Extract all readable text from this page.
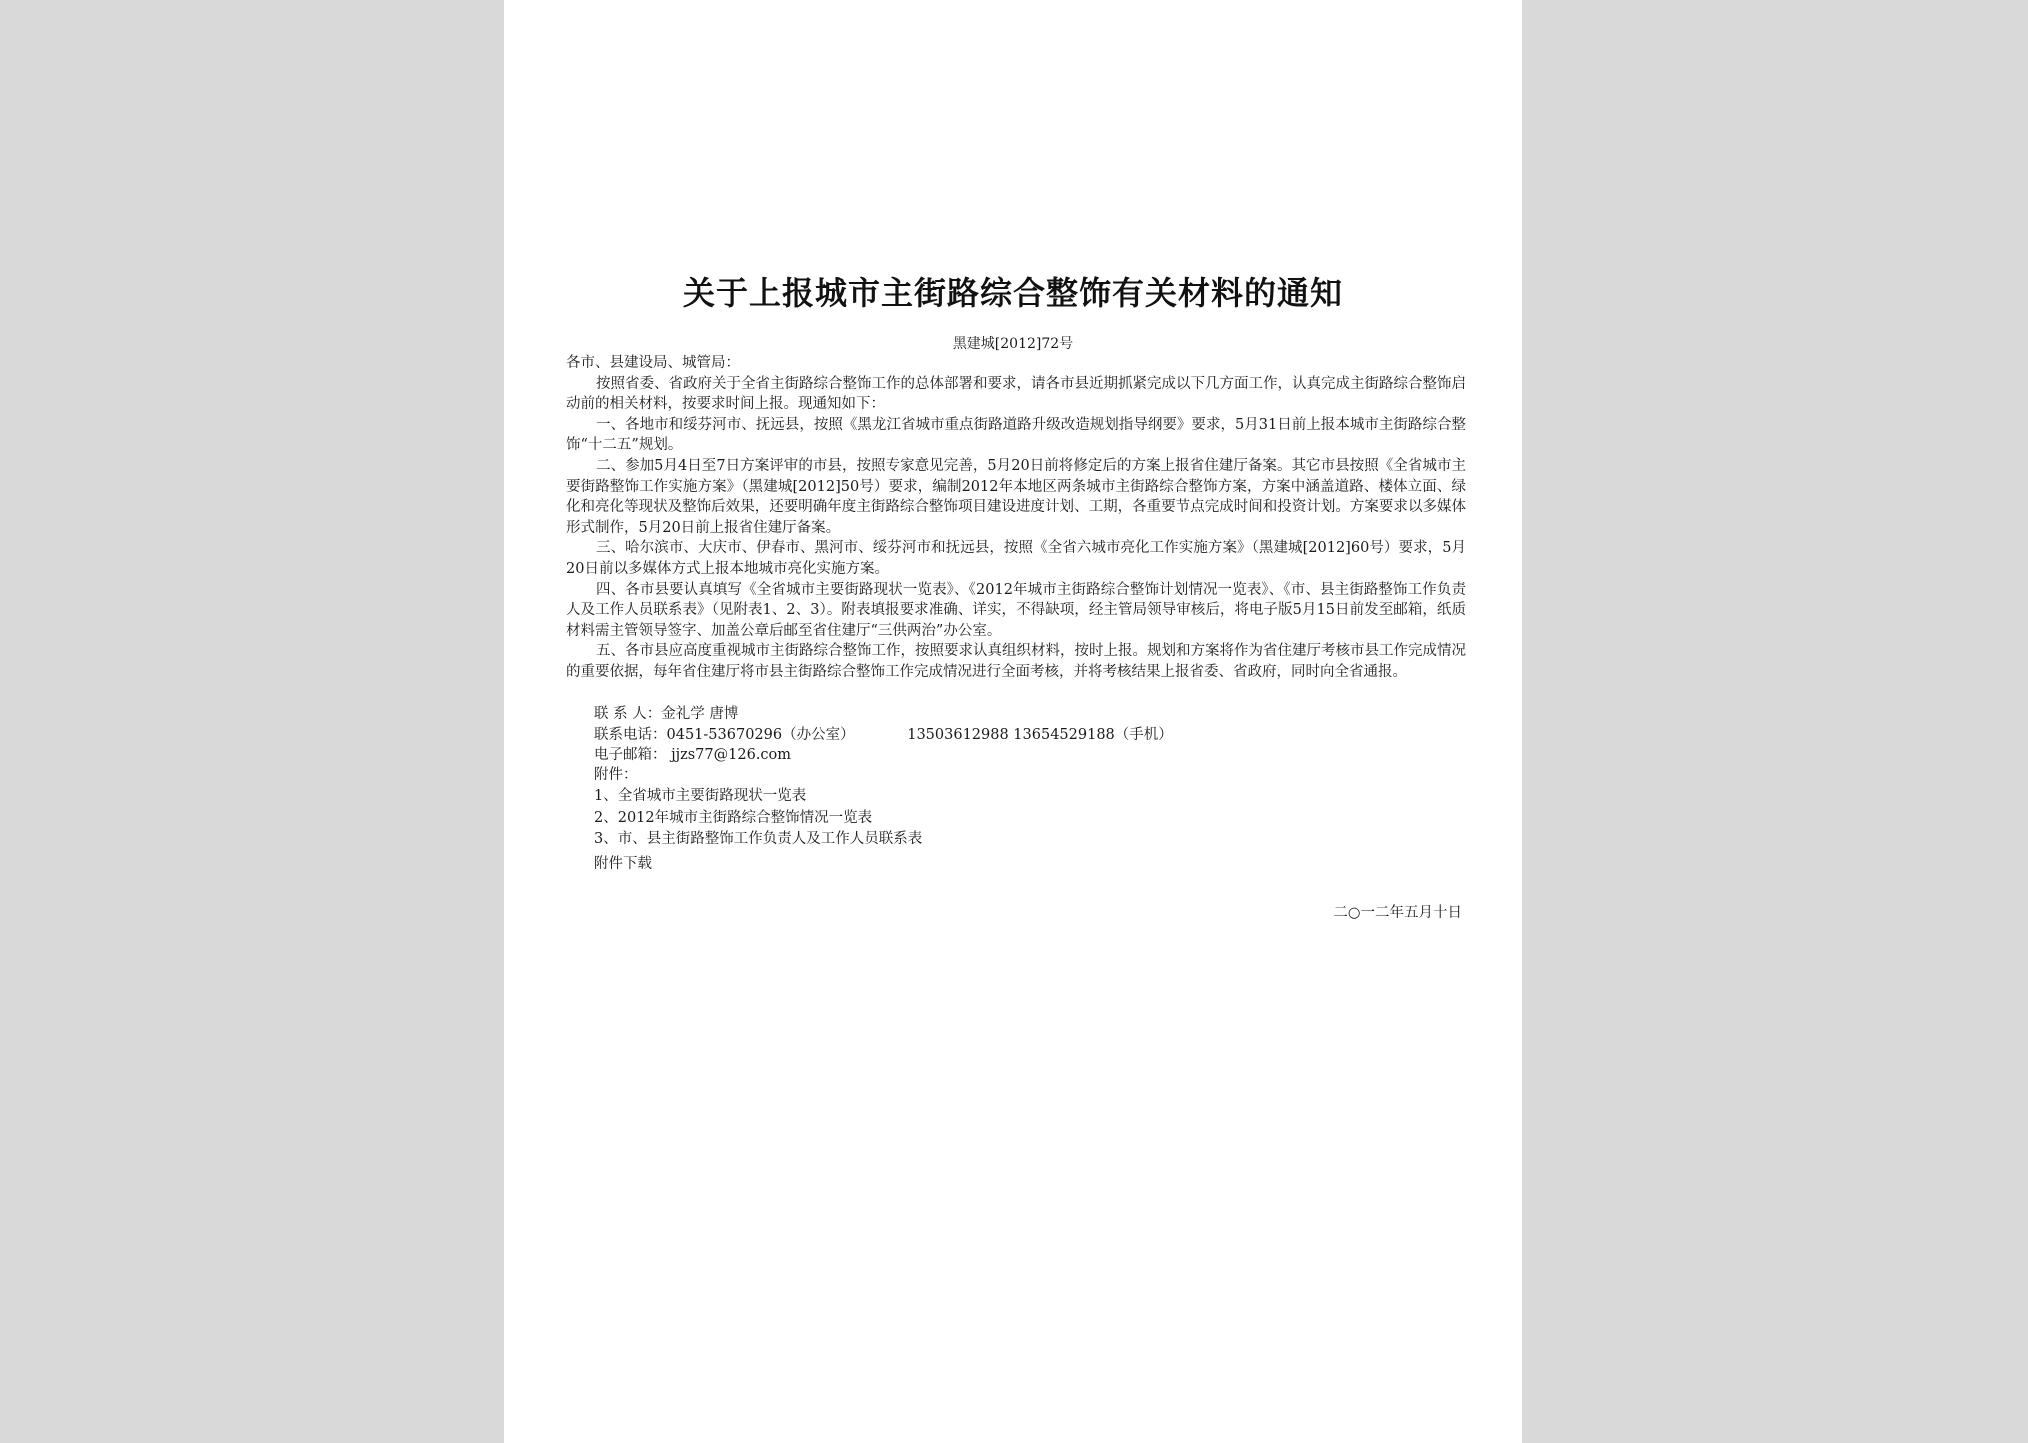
关于上报城市主街路综合整饰有关材料的通知
黑建城[2012]72号

各市、县建设局、城管局：

按照省委、省政府关于全省主街路综合整饰工作的总体部署和要求，请各市县近期抓紧完成以下几方面工作，认真完成主街路综合整饰启动前的相关材料，按要求时间上报。现通知如下：

一、各地市和绥芬河市、抚远县，按照《黑龙江省城市重点街路道路升级改造规划指导纲要》要求，5月31日前上报本城市主街路综合整饰“十二五”规划。

二、参加5月4日至7日方案评审的市县，按照专家意见完善，5月20日前将修定后的方案上报省住建厅备案。其它市县按照《全省城市主要街路整饰工作实施方案》（黑建城[2012]50号）要求，编制2012年本地区两条城市主街路综合整饰方案，方案中涵盖道路、楼体立面、绿化和亮化等现状及整饰后效果，还要明确年度主街路综合整饰项目建设进度计划、工期，各重要节点完成时间和投资计划。方案要求以多媒体形式制作，5月20日前上报省住建厅备案。

三、哈尔滨市、大庆市、伊春市、黑河市、绥芬河市和抚远县，按照《全省六城市亮化工作实施方案》（黑建城[2012]60号）要求，5月20日前以多媒体方式上报本地城市亮化实施方案。

四、各市县要认真填写《全省城市主要街路现状一览表》、《2012年城市主街路综合整饰计划情况一览表》、《市、县主街路整饰工作负责人及工作人员联系表》（见附表1、2、3）。附表填报要求准确、详实，不得缺项，经主管局领导审核后，将电子版5月15日前发至邮箱，纸质材料需主管领导签字、加盖公章后邮至省住建厅“三供两治”办公室。

五、各市县应高度重视城市主街路综合整饰工作，按照要求认真组织材料，按时上报。规划和方案将作为省住建厅考核市县工作完成情况的重要依据，每年省住建厅将市县主街路综合整饰工作完成情况进行全面考核，并将考核结果上报省委、省政府，同时向全省通报。

联 系 人：金礼学 唐博
联系电话：0451-53670296（办公室）	13503612988 13654529188（手机）
电子邮箱： jjzs77@126.com
附件：
1、全省城市主要街路现状一览表
2、2012年城市主街路综合整饰情况一览表
3、市、县主街路整饰工作负责人及工作人员联系表
附件下载
二○一二年五月十日
